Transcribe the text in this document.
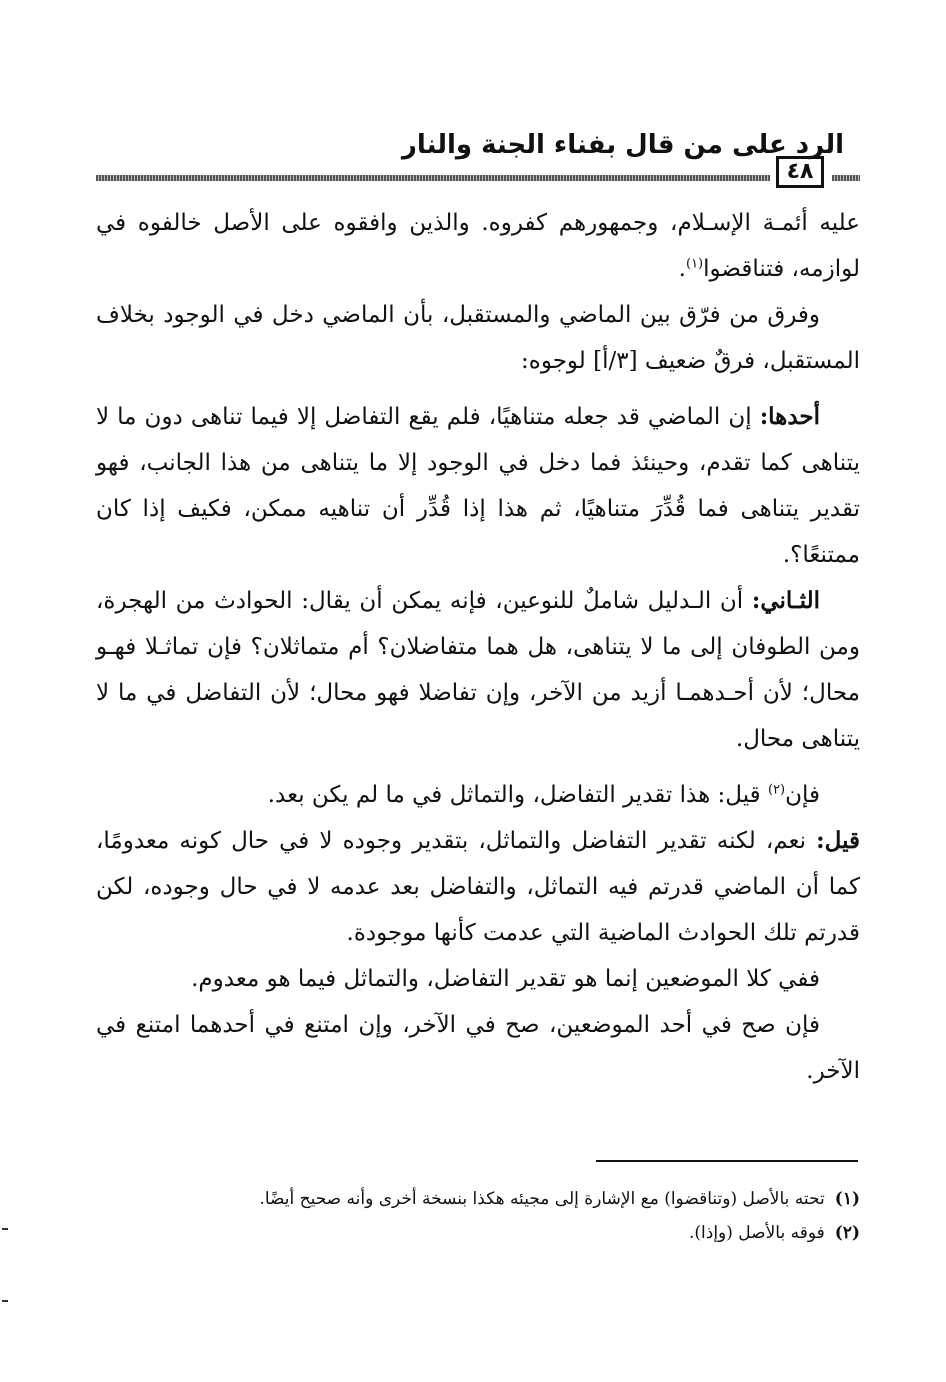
الرد على من قال بفناء الجنة والنار
٤٨

عليه أئمـة الإسـلام، وجمهورهم كفروه. والذين وافقوه على الأصل خالفوه في لوازمه، فتناقضوا$^{(١)}$.

وفرق من فرّق بين الماضي والمستقبل، بأن الماضي دخل في الوجود بخلاف المستقبل، فرقٌ ضعيف [٣/أ] لوجوه:

أحدها: إن الماضي قد جعله متناهيًا، فلم يقع التفاضل إلا فيما تناهى دون ما لا يتناهى كما تقدم، وحينئذ فما دخل في الوجود إلا ما يتناهى من هذا الجانب، فهو تقدير يتناهى فما قُدِّرَ متناهيًا، ثم هذا إذا قُدِّر أن تناهيه ممكن، فكيف إذا كان ممتنعًا؟.

الثـاني: أن الـدليل شاملٌ للنوعين، فإنه يمكن أن يقال: الحوادث من الهجرة، ومن الطوفان إلى ما لا يتناهى، هل هما متفاضلان؟ أم متماثلان؟ فإن تماثـلا فهـو محال؛ لأن أحـدهمـا أزيد من الآخر، وإن تفاضلا فهو محال؛ لأن التفاضل في ما لا يتناهى محال.

فإن$^{(٢)}$ قيل: هذا تقدير التفاضل، والتماثل في ما لم يكن بعد.

قيل: نعم، لكنه تقدير التفاضل والتماثل، بتقدير وجوده لا في حال كونه معدومًا، كما أن الماضي قدرتم فيه التماثل، والتفاضل بعد عدمه لا في حال وجوده، لكن قدرتم تلك الحوادث الماضية التي عدمت كأنها موجودة.

ففي كلا الموضعين إنما هو تقدير التفاضل، والتماثل فيما هو معدوم.

فإن صح في أحد الموضعين، صح في الآخر، وإن امتنع في أحدهما امتنع في الآخر.

(١)تحته بالأصل (وتناقضوا) مع الإشارة إلى مجيئه هكذا بنسخة أخرى وأنه صحيح أيضًا.

(٢)فوقه بالأصل (وإذا).
